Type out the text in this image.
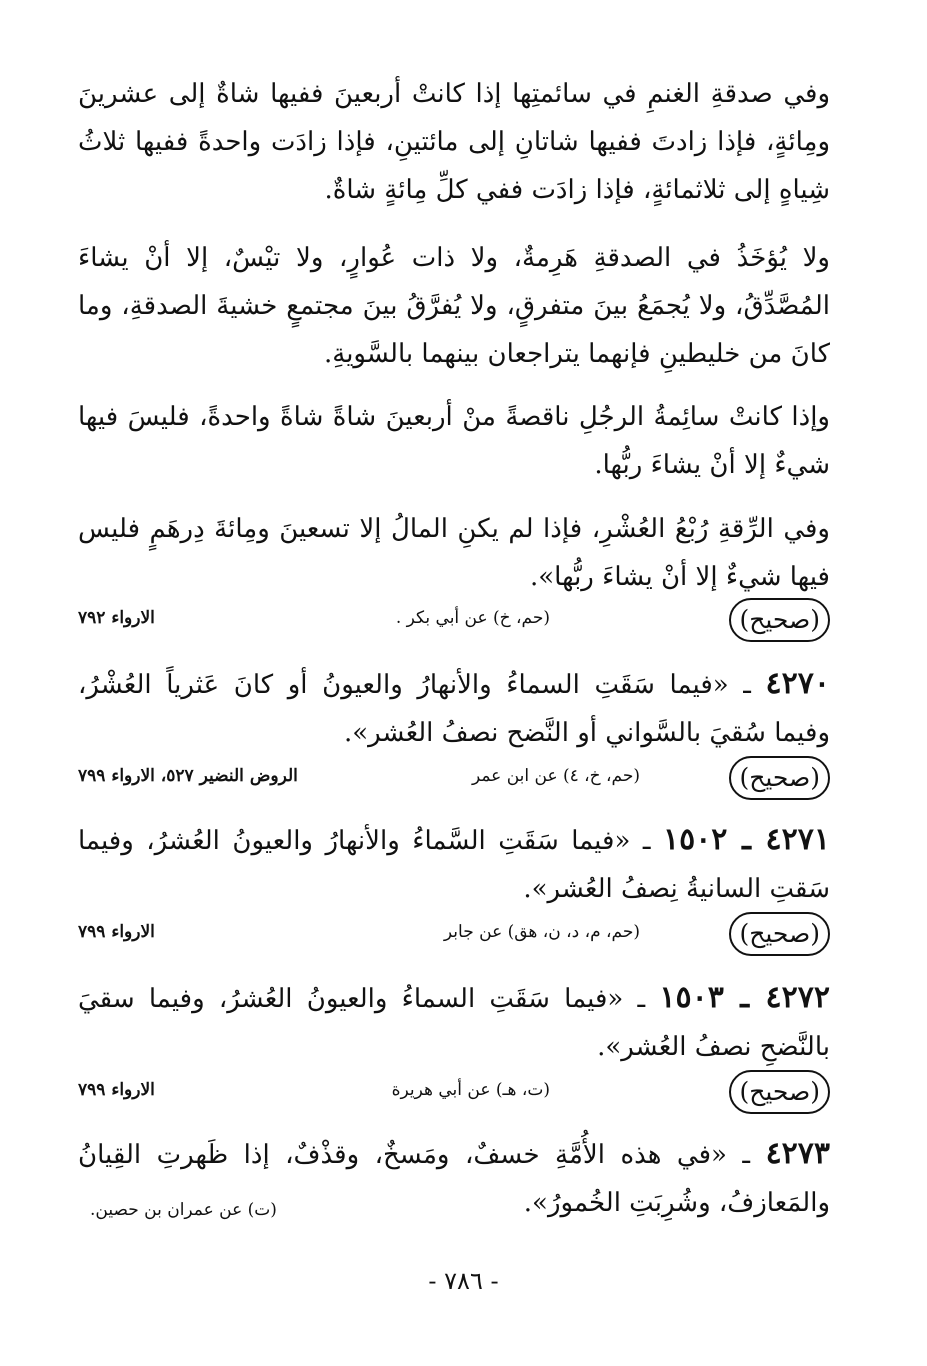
وفي صدقةِ الغنمِ في سائمتِها إذا كانتْ أربعينَ ففيها شاةٌ إلى عشرينَ ومِائةٍ، فإذا زادتَ ففيها شاتانِ إلى مائتينِ، فإذا زادَت واحدةً ففيها ثلاثُ شِياهٍ إلى ثلاثمائةٍ، فإذا زادَت ففي كلِّ مِائةٍ شاةٌ.
ولا يُؤخَذُ في الصدقةِ هَرِمةٌ، ولا ذات عُوارٍ، ولا تيْسٌ، إلا أنْ يشاءَ المُصَّدِّقُ، ولا يُجمَعُ بينَ متفرقٍ، ولا يُفرَّقُ بينَ مجتمعٍ خشيةَ الصدقةِ، وما كانَ من خليطينِ فإنهما يتراجعان بينهما بالسَّويةِ.
وإذا كانتْ سائِمةُ الرجُلِ ناقصةً منْ أربعينَ شاةً شاةً واحدةً، فليسَ فيها شيءٌ إلا أنْ يشاءَ ربُّها.
وفي الرِّقةِ رُبْعُ العُشْرِ، فإذا لم يكنِ المالُ إلا تسعينَ ومِائةَ دِرهَمٍ فليس فيها شيءٌ إلا أنْ يشاءَ ربُّها».
(صحيح)
(حم، خ) عن أبي بكر .
الارواء ٧٩٢
٤٢٧٠ ـ «فيما سَقَتِ السماءُ والأنهارُ والعيونُ أو كانَ عَثرياً العُشْرُ، وفيما سُقيَ بالسَّواني أو النَّضح نصفُ العُشر».
(صحيح)
(حم، خ، ٤) عن ابن عمر
الروض النضير ٥٢٧، الارواء ٧٩٩
٤٢٧١ ـ ١٥٠٢ ـ «فيما سَقَتِ السَّماءُ والأنهارُ والعيونُ العُشرُ، وفيما سَقتِ السانيةُ نِصفُ العُشر».
(صحيح)
(حم، م، د، ن، هق) عن جابر
الارواء ٧٩٩
٤٢٧٢ ـ ١٥٠٣ ـ «فيما سَقَتِ السماءُ والعيونُ العُشرُ، وفيما سقيَ بالنَّضحِ نصفُ العُشر».
(صحيح)
(ت، هـ) عن أبي هريرة
الارواء ٧٩٩
٤٢٧٣ ـ «في هذه الأُمَّةِ خسفٌ، ومَسخٌ، وقذْفٌ، إذا ظَهرتِ القِيانُ والمَعازفُ، وشُرِبَتِ الخُمورُ».
(ت) عن عمران بن حصين.
- ٧٨٦ -
